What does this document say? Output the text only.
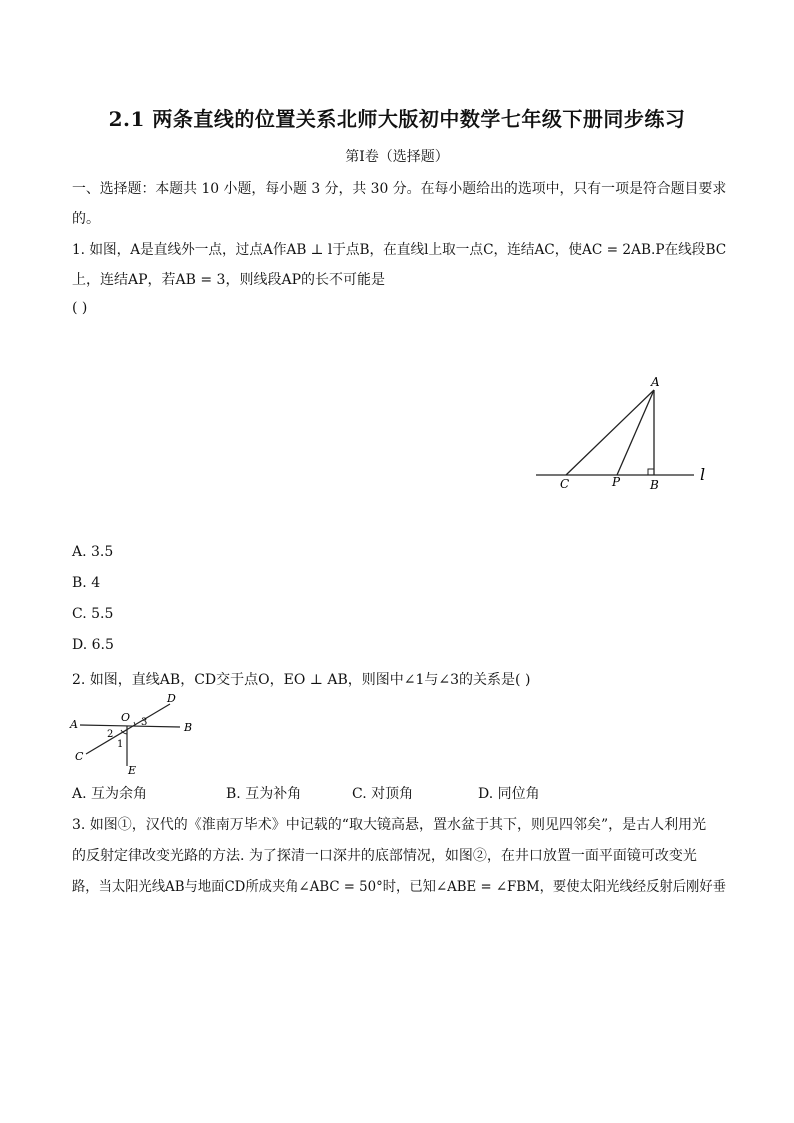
2.1 两条直线的位置关系北师大版初中数学七年级下册同步练习
第I卷（选择题）
一、选择题：本题共 10 小题，每小题 3 分，共 30 分。在每小题给出的选项中，只有一项是符合题目要求
的。
1. 如图，A是直线外一点，过点A作AB ⊥ l于点B，在直线l上取一点C，连结AC，使AC = 2AB.P在线段BC
上，连结AP，若AB = 3，则线段AP的长不可能是
( )
A
C	P B
l
A. 3.5
B. 4
C. 5.5
D. 6.5
2. 如图，直线AB，CD交于点O，EO ⊥ AB，则图中∠1与∠3的关系是( )
A	B
C
D
E
O
1
2
3
A. 互为余角	B. 互为补角	C. 对顶角	D. 同位角
3. 如图①，汉代的《淮南万毕术》中记载的“取大镜高悬，置水盆于其下，则见四邻矣”，是古人利用光
的反射定律改变光路的方法. 为了探清一口深井的底部情况，如图②，在井口放置一面平面镜可改变光
路，当太阳光线AB与地面CD所成夹角∠ABC = 50°时，已知∠ABE = ∠FBM，要使太阳光线经反射后刚好垂
